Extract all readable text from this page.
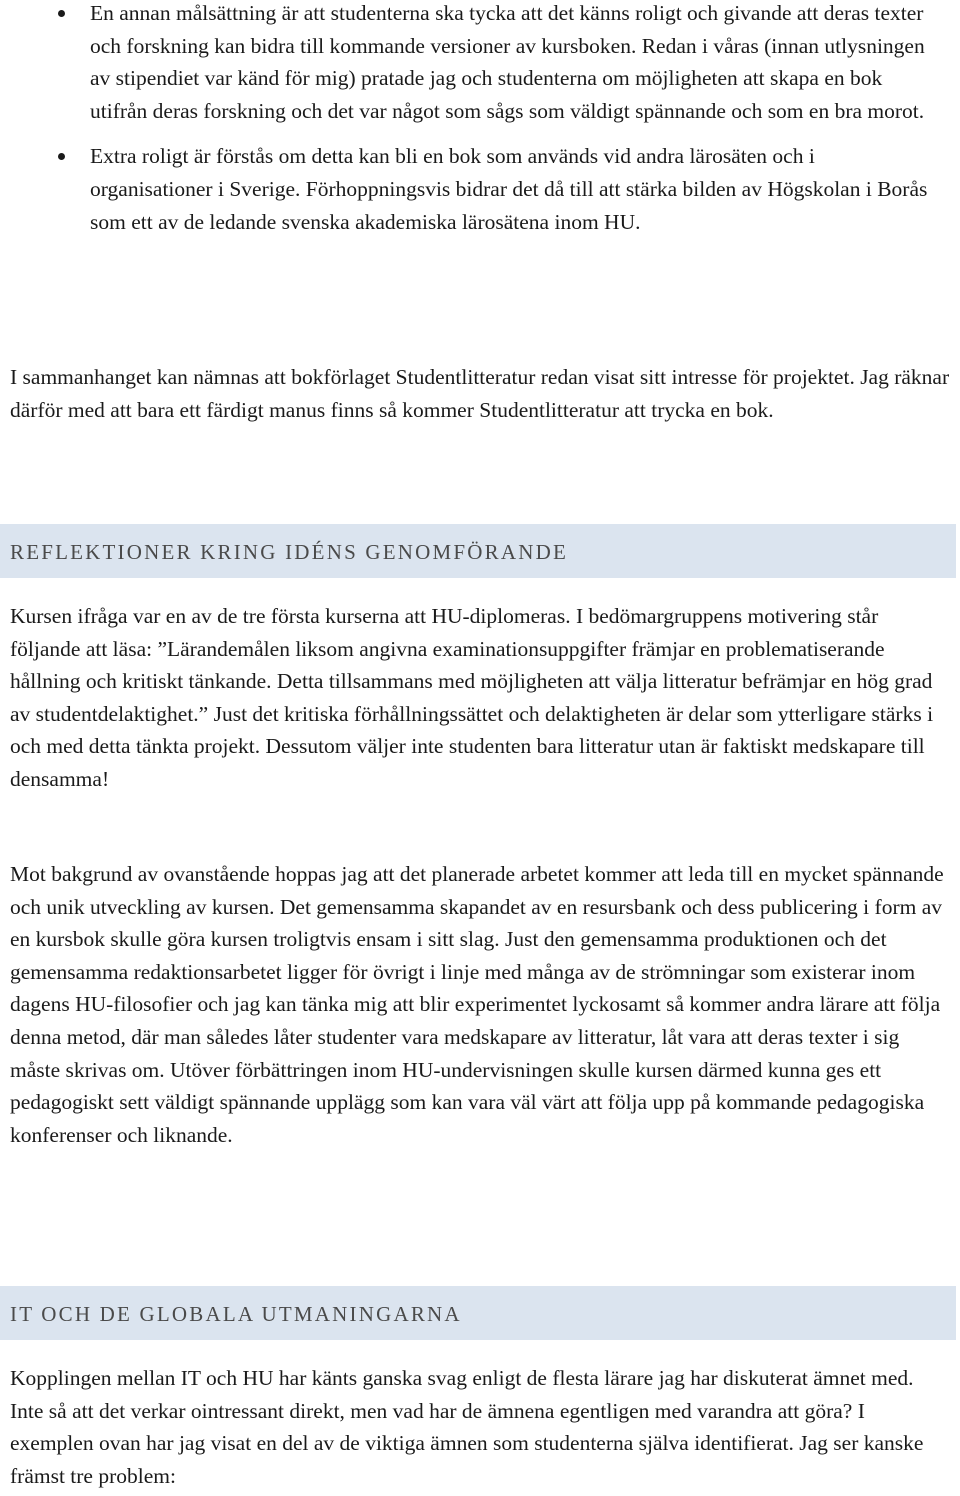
En annan målsättning är att studenterna ska tycka att det känns roligt och givande att deras texter och forskning kan bidra till kommande versioner av kursboken. Redan i våras (innan utlysningen av stipendiet var känd för mig) pratade jag och studenterna om möjligheten att skapa en bok utifrån deras forskning och det var något som sågs som väldigt spännande och som en bra morot.
Extra roligt är förstås om detta kan bli en bok som används vid andra lärosäten och i organisationer i Sverige. Förhoppningsvis bidrar det då till att stärka bilden av Högskolan i Borås som ett av de ledande svenska akademiska lärosätena inom HU.

I sammanhanget kan nämnas att bokförlaget Studentlitteratur redan visat sitt intresse för projektet. Jag räknar därför med att bara ett färdigt manus finns så kommer Studentlitteratur att trycka en bok.

REFLEKTIONER KRING IDÉNS GENOMFÖRANDE

Kursen ifråga var en av de tre första kurserna att HU-diplomeras. I bedömargruppens motivering står följande att läsa: ”Lärandemålen liksom angivna examinationsuppgifter främjar en problematiserande hållning och kritiskt tänkande. Detta tillsammans med möjligheten att välja litteratur befrämjar en hög grad av studentdelaktighet.” Just det kritiska förhållningssättet och delaktigheten är delar som ytterligare stärks i och med detta tänkta projekt. Dessutom väljer inte studenten bara litteratur utan är faktiskt medskapare till densamma!

Mot bakgrund av ovanstående hoppas jag att det planerade arbetet kommer att leda till en mycket spännande och unik utveckling av kursen. Det gemensamma skapandet av en resursbank och dess publicering i form av en kursbok skulle göra kursen troligtvis ensam i sitt slag. Just den gemensamma produktionen och det gemensamma redaktionsarbetet ligger för övrigt i linje med många av de strömningar som existerar inom dagens HU-filosofier och jag kan tänka mig att blir experimentet lyckosamt så kommer andra lärare att följa denna metod, där man således låter studenter vara medskapare av litteratur, låt vara att deras texter i sig måste skrivas om. Utöver förbättringen inom HU-undervisningen skulle kursen därmed kunna ges ett pedagogiskt sett väldigt spännande upplägg som kan vara väl värt att följa upp på kommande pedagogiska konferenser och liknande.

IT OCH DE GLOBALA UTMANINGARNA

Kopplingen mellan IT och HU har känts ganska svag enligt de flesta lärare jag har diskuterat ämnet med. Inte så att det verkar ointressant direkt, men vad har de ämnena egentligen med varandra att göra? I exemplen ovan har jag visat en del av de viktiga ämnen som studenterna själva identifierat. Jag ser kanske främst tre problem:
